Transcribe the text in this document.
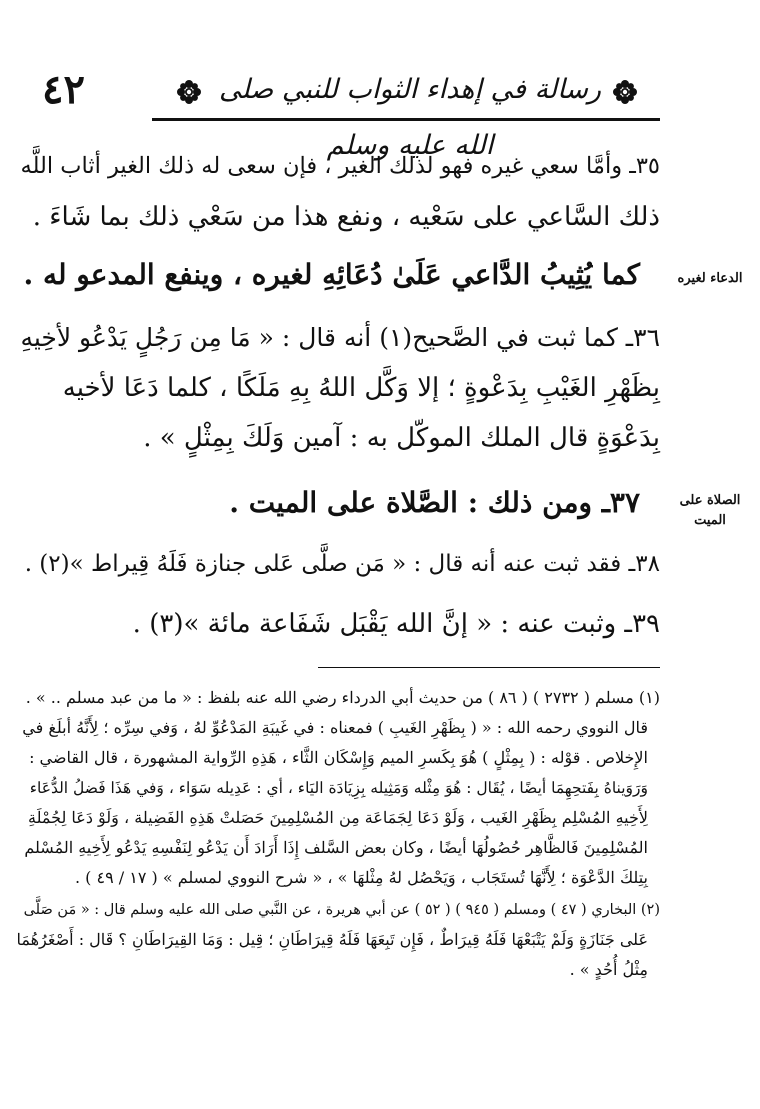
٤٢	رسالة في إهداء الثواب للنبي صلى الله عليه وسلم
٣٥ـ وأمَّا سعي غيره فهو لذلك الغير ، فإن سعى له ذلك الغير أثاب اللَّه
ذلك السَّاعي على سَعْيه ، ونفع هذا من سَعْي ذلك بما شَاءَ .
كما يُثِيبُ الدَّاعي عَلَىٰ دُعَائِهِ لغيره ، وينفع المدعو له .	الدعاء لغيره
٣٦ـ كما ثبت في الصَّحيح(١) أنه قال : « مَا مِن رَجُلٍ يَدْعُو لأخِيهِ
بِظَهْرِ الغَيْبِ بِدَعْوةٍ ؛ إلا وَكَّل اللهُ بِهِ مَلَكًا ، كلما دَعَا لأخيه
بِدَعْوَةٍ قال الملك الموكّل به : آمين وَلَكَ بِمِثْلٍ » .
٣٧ـ ومن ذلك : الصَّلاة على الميت .	الصلاة على
الميت
٣٨ـ فقد ثبت عنه أنه قال : « مَن صلَّى عَلى جنازة فَلَهُ قِيراط »(٢) .
٣٩ـ وثبت عنه : « إنَّ الله يَقْبَل شَفَاعة مائة »(٣) .
(١) مسلم ( ٢٧٣٢ ) ( ٨٦ ) من حديث أبي الدرداء رضي الله عنه بلفظ : « ما من عبد مسلم .. » .
قال النووي رحمه الله : « ( بِظَهْرِ الغَيبِ ) فمعناه : في غَيبَةِ المَدْعُوِّ لهُ ، وَفي سِرِّه ؛ لِأَنَّهُ أبلَغ في
الإِخلاص . قوْله : ( بِمِثْلٍ ) هُوَ بِكَسرِ الميم وَإِسْكَان الثَّاء ، هَذِهِ الرِّواية المشهورة ، قال القاضي :
وَرَوَيناهُ بِفَتحِهِمَا أيضًا ، يُقَال : هُوَ مِثْله وَمَثِيله بِزِيَادَة اليَاء ، أي : عَدِيله سَوَاء ، وَفي هَذَا فَضلُ الدُّعَاء
لِأَخِيهِ المُسْلِم بِظَهْرِ الغَيب ، وَلَوْ دَعَا لِجَمَاعَة مِن المُسْلِمِينَ حَصَلتْ هَذِهِ الفَضِيلة ، وَلَوْ دَعَا لِجُمْلَةِ
المُسْلِمِينَ فَالظَّاهِر حُصُولُهَا أيضًا ، وكان بعض السَّلف إِذَا أَرَادَ أَن يَدْعُو لِنَفْسِهِ يَدْعُو لِأَخِيهِ المُسْلم
بِتِلكَ الدَّعْوَة ؛ لِأَنَّهَا تُستَجَاب ، وَيَحْصُل لهُ مِثْلهَا » ، « شرح النووي لمسلم » ( ١٧ / ٤٩ ) .
(٢) البخاري ( ٤٧ ) ومسلم ( ٩٤٥ ) ( ٥٢ ) عن أبي هريرة ، عن النَّبي صلى الله عليه وسلم قال : « مَن صَلَّى
عَلى جَنَازَةٍ وَلَمْ يَتْبَعْهَا فَلَهُ قِيرَاطٌ ، فَإِن تَبِعَهَا فَلَهُ قِيرَاطَانِ ؛ قِيل : وَمَا القِيرَاطَانِ ؟ قَال : أَصْغَرُهُمَا
مِثْلُ أُحُدٍ » .
